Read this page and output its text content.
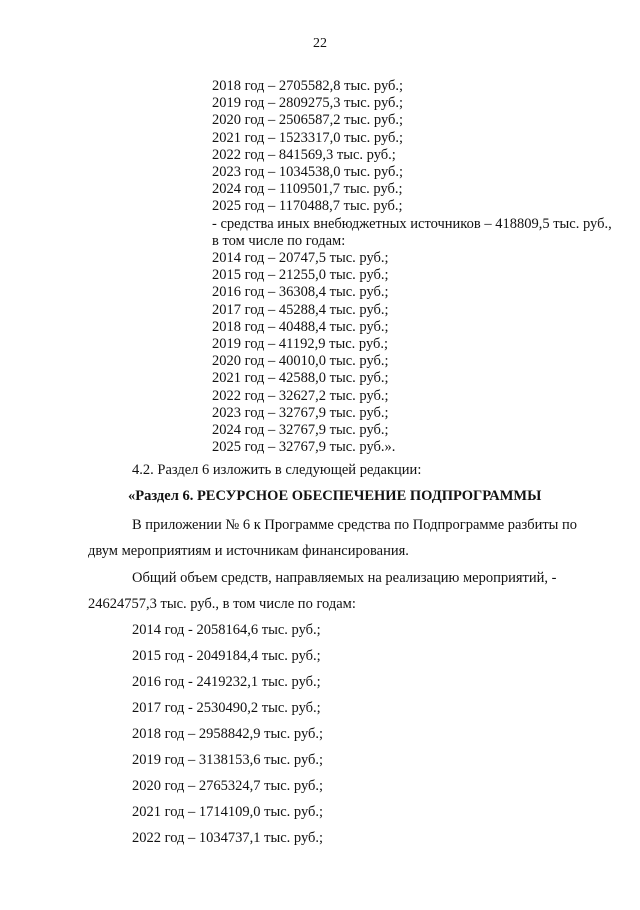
22
2018 год – 2705582,8 тыс. руб.;
2019 год – 2809275,3 тыс. руб.;
2020 год – 2506587,2 тыс. руб.;
2021 год – 1523317,0 тыс. руб.;
2022 год – 841569,3 тыс. руб.;
2023 год – 1034538,0 тыс. руб.;
2024 год – 1109501,7 тыс. руб.;
2025 год – 1170488,7 тыс. руб.;
- средства иных внебюджетных источников – 418809,5 тыс. руб., в том числе по годам:
2014 год – 20747,5 тыс. руб.;
2015 год – 21255,0 тыс. руб.;
2016 год – 36308,4 тыс. руб.;
2017 год – 45288,4 тыс. руб.;
2018 год – 40488,4 тыс. руб.;
2019 год – 41192,9 тыс. руб.;
2020 год – 40010,0 тыс. руб.;
2021 год – 42588,0 тыс. руб.;
2022 год – 32627,2 тыс. руб.;
2023 год – 32767,9 тыс. руб.;
2024 год – 32767,9 тыс. руб.;
2025 год – 32767,9 тыс. руб.».
4.2. Раздел 6 изложить в следующей редакции:
«Раздел 6. РЕСУРСНОЕ ОБЕСПЕЧЕНИЕ ПОДПРОГРАММЫ
В приложении № 6 к Программе средства по Подпрограмме разбиты по
двум мероприятиям и источникам финансирования.
Общий объем средств, направляемых на реализацию мероприятий, -
24624757,3 тыс. руб., в том числе по годам:
2014 год - 2058164,6 тыс. руб.;
2015 год - 2049184,4 тыс. руб.;
2016 год - 2419232,1 тыс. руб.;
2017 год - 2530490,2 тыс. руб.;
2018 год – 2958842,9 тыс. руб.;
2019 год – 3138153,6 тыс. руб.;
2020 год – 2765324,7 тыс. руб.;
2021 год – 1714109,0 тыс. руб.;
2022 год – 1034737,1 тыс. руб.;
